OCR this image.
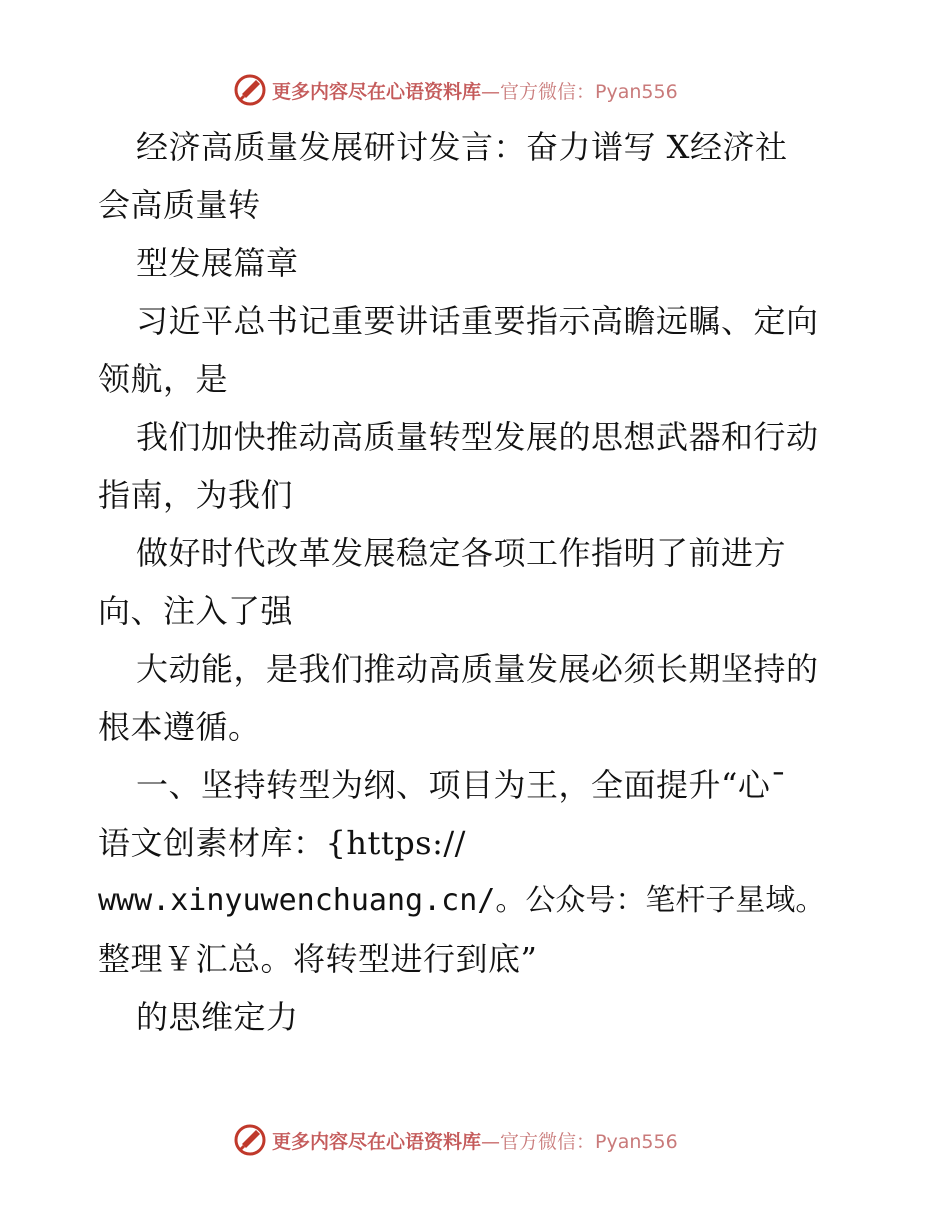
更多内容尽在心语资料库—官方微信：Pyan556
经济高质量发展研讨发言：奋力谱写 X经济社
会高质量转
型发展篇章
习近平总书记重要讲话重要指示高瞻远瞩、定向
领航，是
我们加快推动高质量转型发展的思想武器和行动
指南，为我们
做好时代改革发展稳定各项工作指明了前进方
向、注入了强
大动能，是我们推动高质量发展必须长期坚持的
根本遵循。
一、坚持转型为纲、项目为王，全面提升“心¯
语文创素材库：{https://
www.xinyuwenchuang.cn/。公众号：笔杆子星域。
整理￥汇总。将转型进行到底”
的思维定力
更多内容尽在心语资料库—官方微信：Pyan556
